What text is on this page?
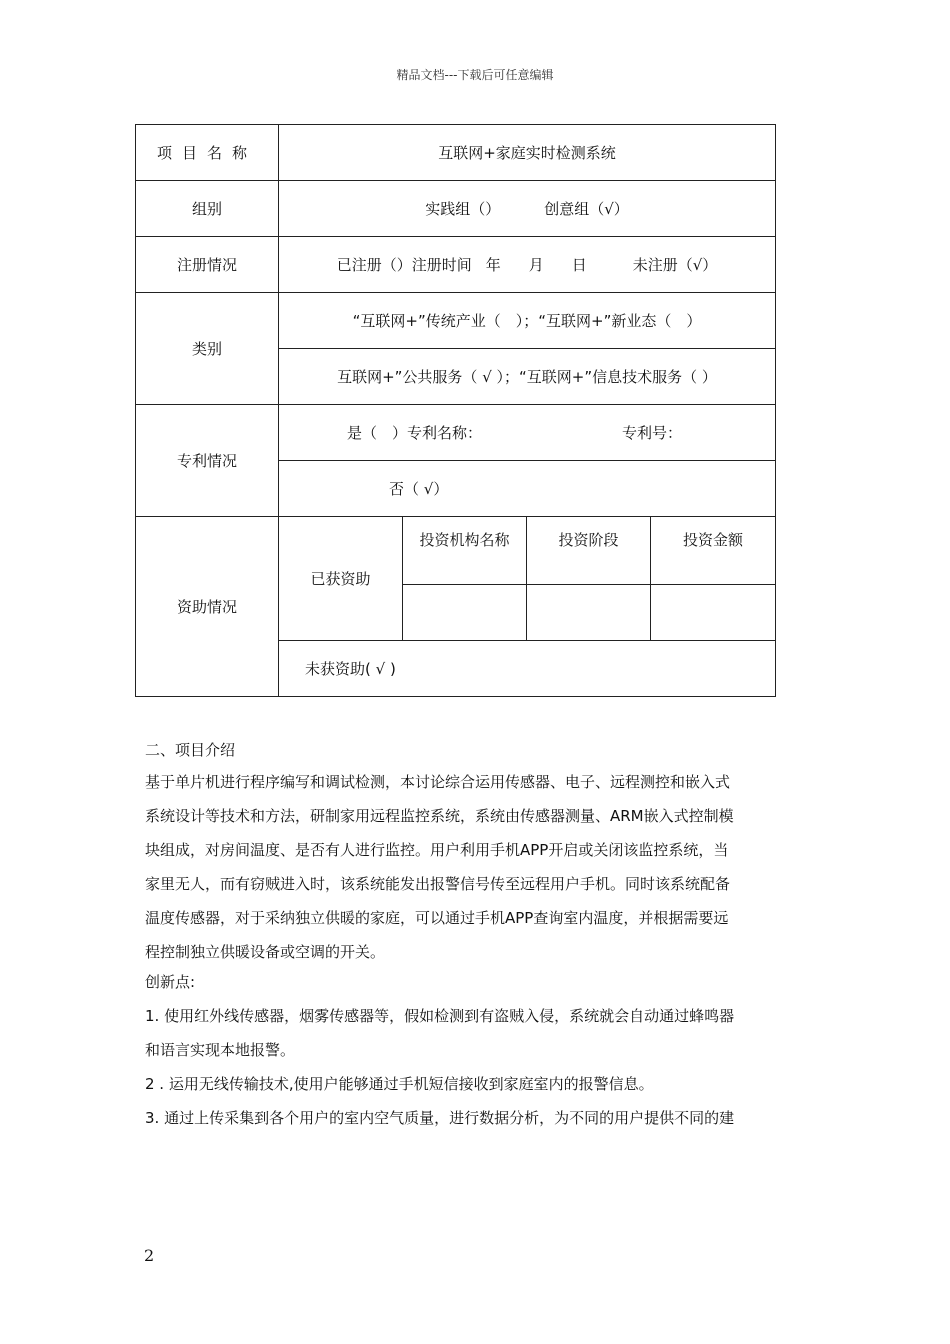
精品文档---下载后可任意编辑
项目名称	互联网+家庭实时检测系统			
组别	实践组（） 创意组（√）			
注册情况	已注册（）注册时间 年 月 日 未注册（√）			
类别	“互联网+”传统产业（　）；“互联网+”新业态（　）			
	互联网+”公共服务（ √ ）；“互联网+”信息技术服务（ ）			
专利情况	是（　）专利名称： 专利号：			
	否（ √）			
资助情况	已获资助	投资机构名称	投资阶段	投资金额

	未获资助( √ )			

二、项目介绍

基于单片机进行程序编写和调试检测，本讨论综合运用传感器、电子、远程测控和嵌入式

系统设计等技术和方法，研制家用远程监控系统，系统由传感器测量、ARM嵌入式控制模

块组成，对房间温度、是否有人进行监控。用户利用手机APP开启或关闭该监控系统，当

家里无人，而有窃贼进入时，该系统能发出报警信号传至远程用户手机。同时该系统配备

温度传感器，对于采纳独立供暖的家庭，可以通过手机APP查询室内温度，并根据需要远

程控制独立供暖设备或空调的开关。

创新点:

1. 使用红外线传感器，烟雾传感器等，假如检测到有盗贼入侵，系统就会自动通过蜂鸣器

和语言实现本地报警。

2 . 运用无线传输技术,使用户能够通过手机短信接收到家庭室内的报警信息。

3. 通过上传采集到各个用户的室内空气质量，进行数据分析，为不同的用户提供不同的建

2
